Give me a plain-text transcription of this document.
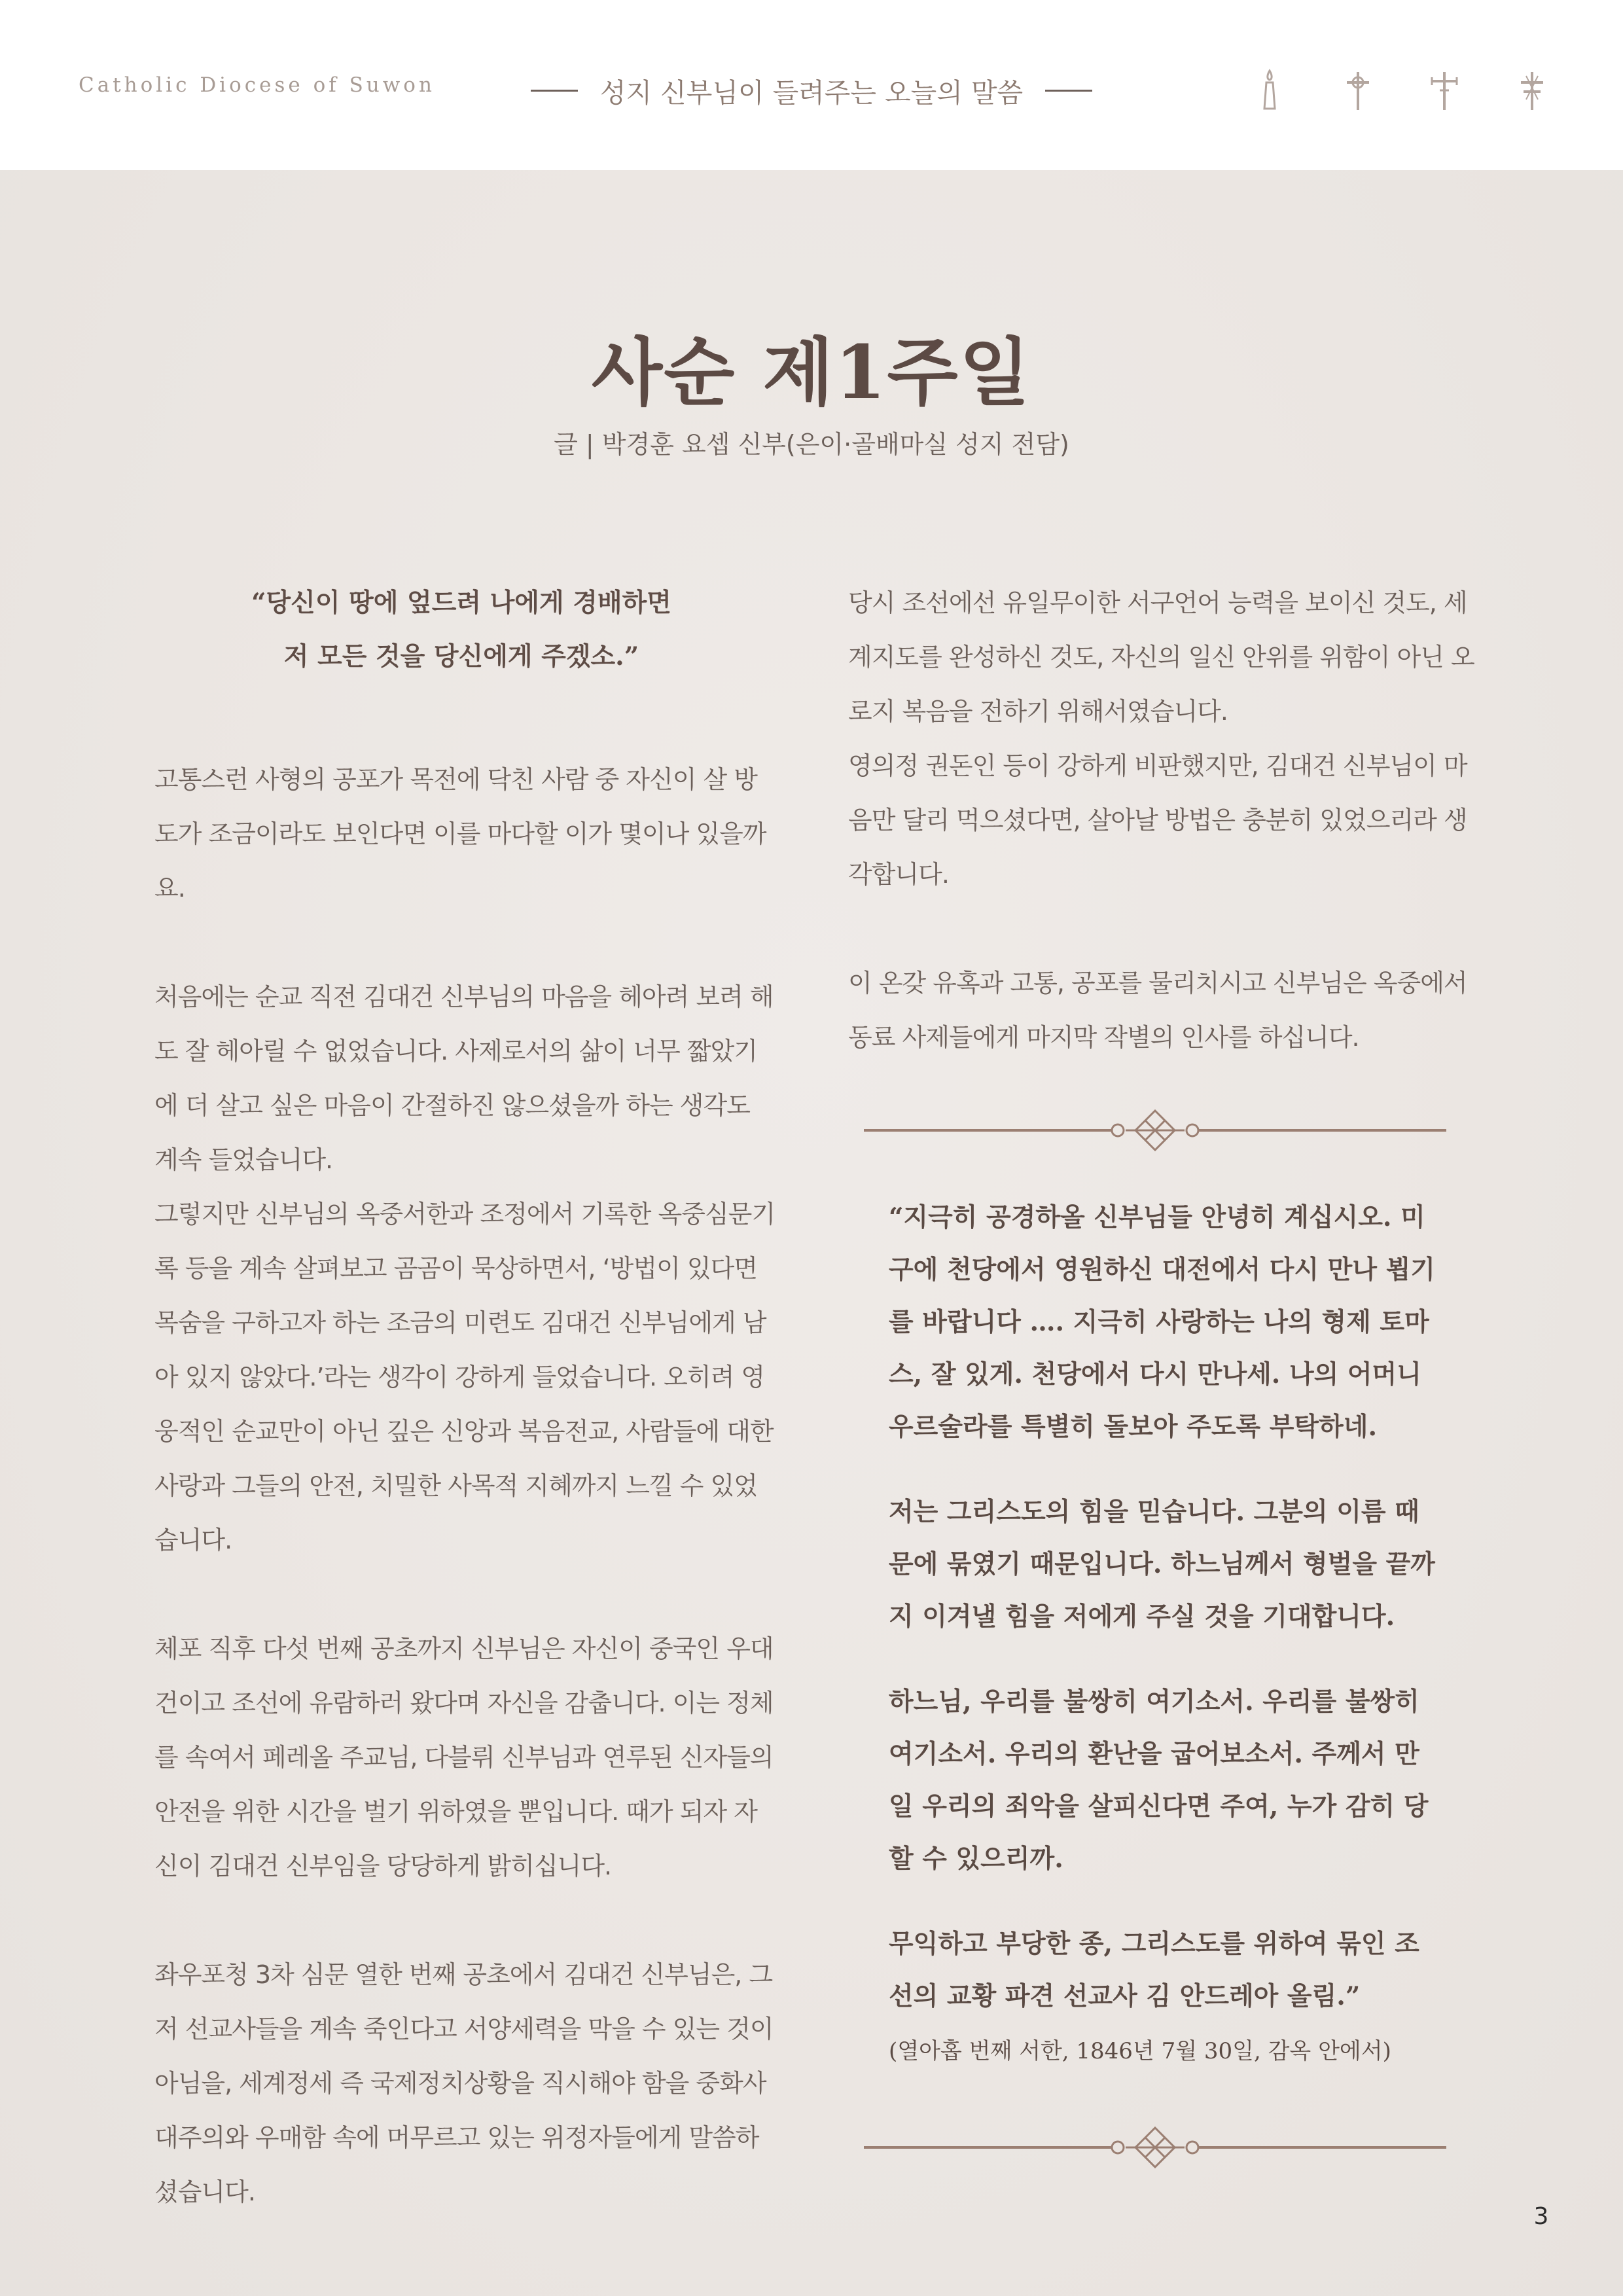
Catholic Diocese of Suwon	성지 신부님이 들려주는 오늘의 말씀
사순 제1주일
글 | 박경훈 요셉 신부(은이·골배마실 성지 전담)
“당신이 땅에 엎드려 나에게 경배하면
저 모든 것을 당신에게 주겠소.”

고통스런 사형의 공포가 목전에 닥친 사람 중 자신이 살 방도가 조금이라도 보인다면 이를 마다할 이가 몇이나 있을까요.

처음에는 순교 직전 김대건 신부님의 마음을 헤아려 보려 해도 잘 헤아릴 수 없었습니다. 사제로서의 삶이 너무 짧았기에 더 살고 싶은 마음이 간절하진 않으셨을까 하는 생각도 계속 들었습니다.

그렇지만 신부님의 옥중서한과 조정에서 기록한 옥중심문기록 등을 계속 살펴보고 곰곰이 묵상하면서, ‘방법이 있다면 목숨을 구하고자 하는 조금의 미련도 김대건 신부님에게 남아 있지 않았다.’라는 생각이 강하게 들었습니다. 오히려 영웅적인 순교만이 아닌 깊은 신앙과 복음전교, 사람들에 대한 사랑과 그들의 안전, 치밀한 사목적 지혜까지 느낄 수 있었습니다.

체포 직후 다섯 번째 공초까지 신부님은 자신이 중국인 우대건이고 조선에 유람하러 왔다며 자신을 감춥니다. 이는 정체를 속여서 페레올 주교님, 다블뤼 신부님과 연루된 신자들의 안전을 위한 시간을 벌기 위하였을 뿐입니다. 때가 되자 자신이 김대건 신부임을 당당하게 밝히십니다.

좌우포청 3차 심문 열한 번째 공초에서 김대건 신부님은, 그저 선교사들을 계속 죽인다고 서양세력을 막을 수 있는 것이 아님을, 세계정세 즉 국제정치상황을 직시해야 함을 중화사대주의와 우매함 속에 머무르고 있는 위정자들에게 말씀하셨습니다.

당시 조선에선 유일무이한 서구언어 능력을 보이신 것도, 세계지도를 완성하신 것도, 자신의 일신 안위를 위함이 아닌 오로지 복음을 전하기 위해서였습니다.

영의정 권돈인 등이 강하게 비판했지만, 김대건 신부님이 마음만 달리 먹으셨다면, 살아날 방법은 충분히 있었으리라 생각합니다.

이 온갖 유혹과 고통, 공포를 물리치시고 신부님은 옥중에서 동료 사제들에게 마지막 작별의 인사를 하십니다.

“지극히 공경하올 신부님들 안녕히 계십시오. 미구에 천당에서 영원하신 대전에서 다시 만나 뵙기를 바랍니다 …. 지극히 사랑하는 나의 형제 토마스, 잘 있게. 천당에서 다시 만나세. 나의 어머니 우르술라를 특별히 돌보아 주도록 부탁하네.

저는 그리스도의 힘을 믿습니다. 그분의 이름 때문에 묶였기 때문입니다. 하느님께서 형벌을 끝까지 이겨낼 힘을 저에게 주실 것을 기대합니다.

하느님, 우리를 불쌍히 여기소서. 우리를 불쌍히 여기소서. 우리의 환난을 굽어보소서. 주께서 만일 우리의 죄악을 살피신다면 주여, 누가 감히 당할 수 있으리까.

무익하고 부당한 종, 그리스도를 위하여 묶인 조선의 교황 파견 선교사 김 안드레아 올림.”

(열아홉 번째 서한, 1846년 7월 30일, 감옥 안에서)

3
